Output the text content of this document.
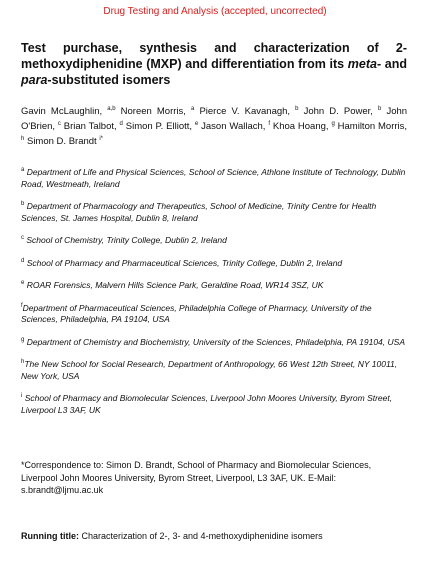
Drug Testing and Analysis (accepted, uncorrected)
Test purchase, synthesis and characterization of 2-methoxydiphenidine (MXP) and differentiation from its meta- and para-substituted isomers
Gavin McLaughlin, $^{a,b}$ Noreen Morris, $^a$ Pierce V. Kavanagh, $^b$ John D. Power, $^b$ John O'Brien, $^c$ Brian Talbot, $^d$ Simon P. Elliott, $^e$ Jason Wallach, $^f$ Khoa Hoang, $^g$ Hamilton Morris, $^h$ Simon D. Brandt $^{i*}$

$^a$ Department of Life and Physical Sciences, School of Science, Athlone Institute of Technology, Dublin Road, Westmeath, Ireland

$^b$ Department of Pharmacology and Therapeutics, School of Medicine, Trinity Centre for Health Sciences, St. James Hospital, Dublin 8, Ireland

$^c$ School of Chemistry, Trinity College, Dublin 2, Ireland

$^d$ School of Pharmacy and Pharmaceutical Sciences, Trinity College, Dublin 2, Ireland

$^e$ ROAR Forensics, Malvern Hills Science Park, Geraldine Road, WR14 3SZ, UK

$^f$Department of Pharmaceutical Sciences, Philadelphia College of Pharmacy, University of the Sciences, Philadelphia, PA 19104, USA

$^g$ Department of Chemistry and Biochemistry, University of the Sciences, Philadelphia, PA 19104, USA

$^h$The New School for Social Research, Department of Anthropology, 66 West 12th Street, NY 10011, New York, USA

$^i$ School of Pharmacy and Biomolecular Sciences, Liverpool John Moores University, Byrom Street, Liverpool L3 3AF, UK

*Correspondence to: Simon D. Brandt, School of Pharmacy and Biomolecular Sciences, Liverpool John Moores University, Byrom Street, Liverpool, L3 3AF, UK. E-Mail: s.brandt@ljmu.ac.uk
Running title: Characterization of 2-, 3- and 4-methoxydiphenidine isomers
